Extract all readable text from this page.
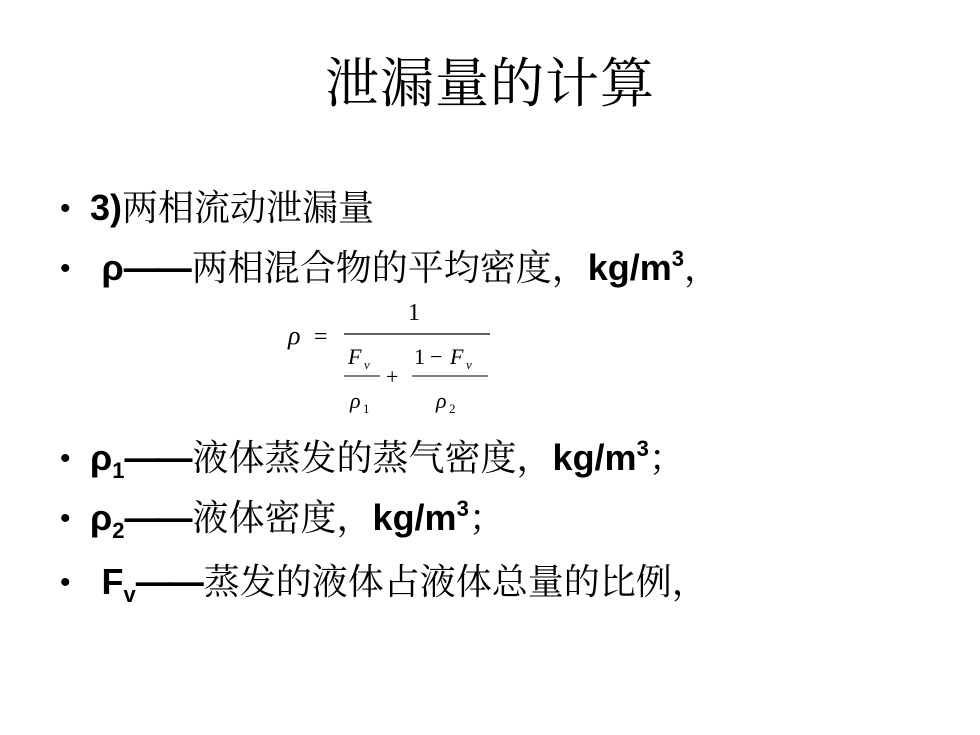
泄漏量的计算
• 3)两相流动泄漏量
• ρ—— 两相混合物的平均密度，$kg/m^3$，
ρ =
1
F v
ρ 1
+
1 − F v
ρ 2
• $\rho_1——$ 液体蒸发的蒸气密度，$kg/m^3$；
• $\rho_2——$ 液体密度，$kg/m^3$；
• $F_v——$ 蒸发的液体占液体总量的比例，
